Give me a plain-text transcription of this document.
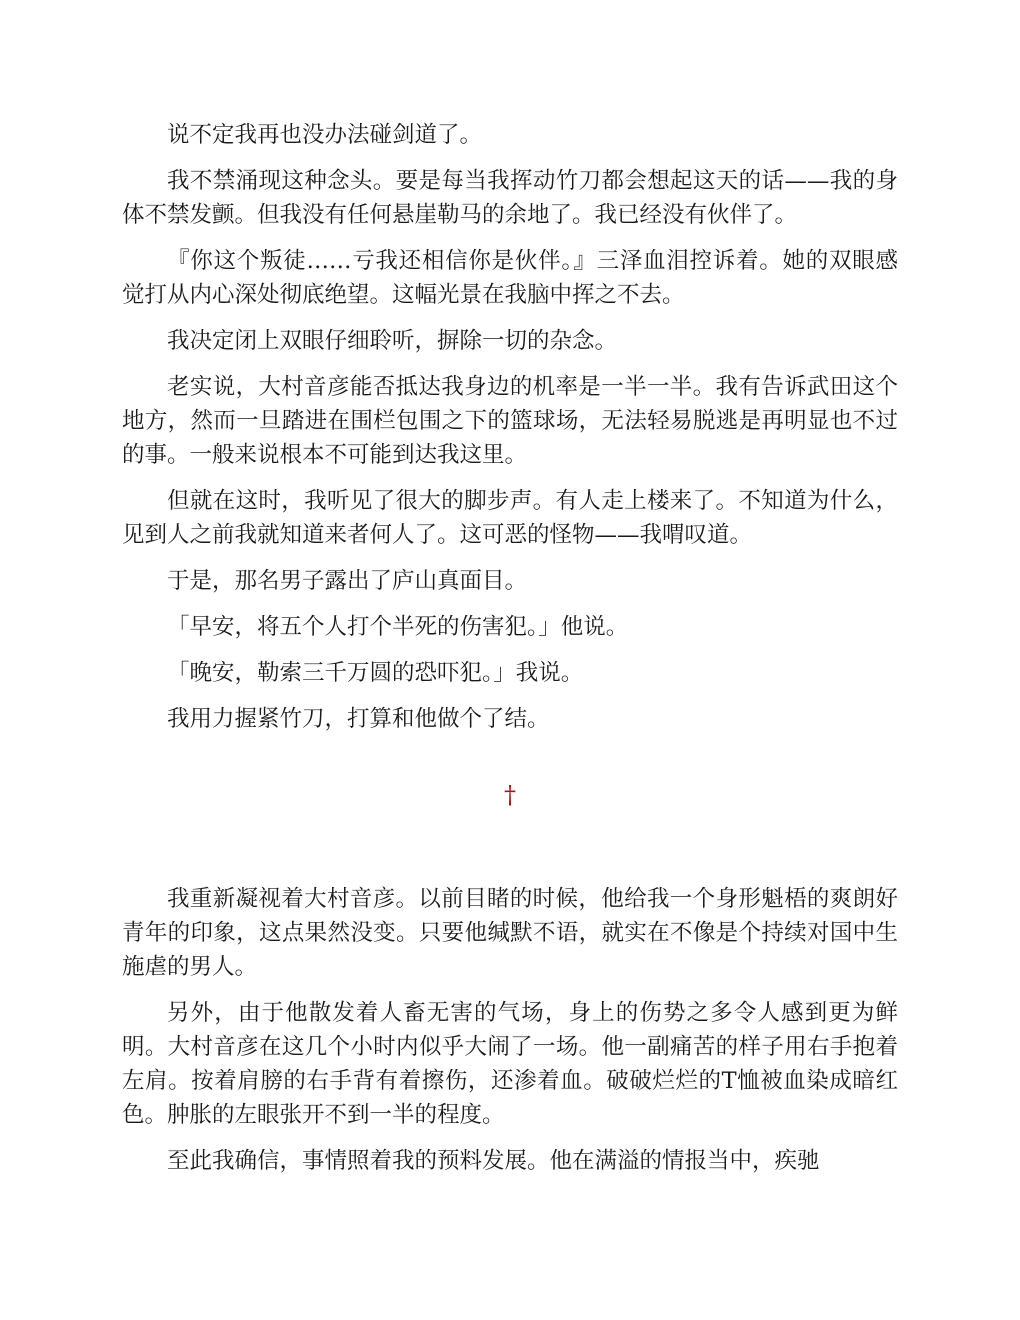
说不定我再也没办法碰剑道了。

我不禁涌现这种念头。要是每当我挥动竹刀都会想起这天的话——我的身体不禁发颤。但我没有任何悬崖勒马的余地了。我已经没有伙伴了。

『你这个叛徒……亏我还相信你是伙伴。』三泽血泪控诉着。她的双眼感觉打从内心深处彻底绝望。这幅光景在我脑中挥之不去。

我决定闭上双眼仔细聆听，摒除一切的杂念。

老实说，大村音彦能否抵达我身边的机率是一半一半。我有告诉武田这个地方，然而一旦踏进在围栏包围之下的篮球场，无法轻易脱逃是再明显也不过的事。一般来说根本不可能到达我这里。

但就在这时，我听见了很大的脚步声。有人走上楼来了。不知道为什么，见到人之前我就知道来者何人了。这可恶的怪物——我喟叹道。

于是，那名男子露出了庐山真面目。

「早安，将五个人打个半死的伤害犯。」他说。

「晚安，勒索三千万圆的恐吓犯。」我说。

我用力握紧竹刀，打算和他做个了结。

†

我重新凝视着大村音彦。以前目睹的时候，他给我一个身形魁梧的爽朗好青年的印象，这点果然没变。只要他缄默不语，就实在不像是个持续对国中生施虐的男人。

另外，由于他散发着人畜无害的气场，身上的伤势之多令人感到更为鲜明。大村音彦在这几个小时内似乎大闹了一场。他一副痛苦的样子用右手抱着左肩。按着肩膀的右手背有着擦伤，还渗着血。破破烂烂的T恤被血染成暗红色。肿胀的左眼张开不到一半的程度。

至此我确信，事情照着我的预料发展。他在满溢的情报当中，疾驰
